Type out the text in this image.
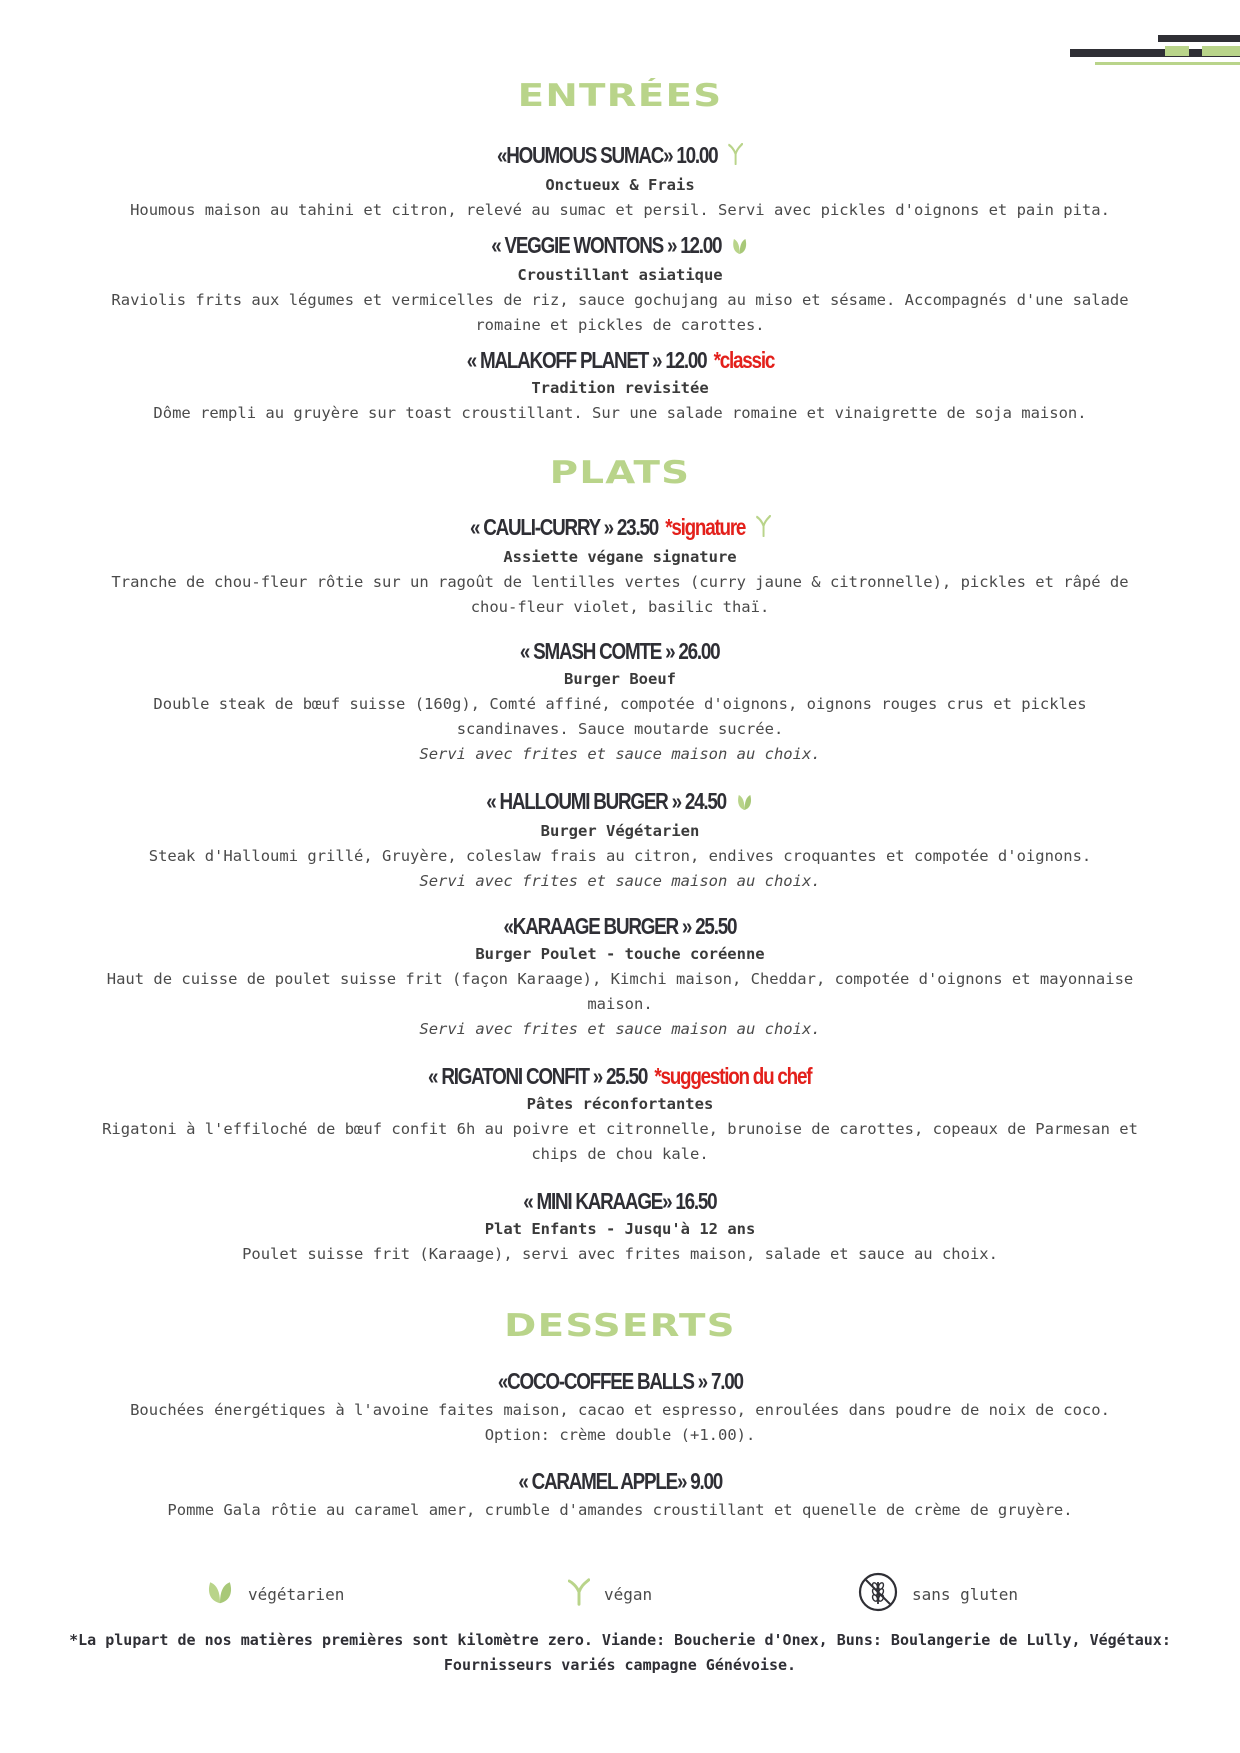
ENTRÉES
«HOUMOUS SUMAC» 10.00
Onctueux & Frais
Houmous maison au tahini et citron, relevé au sumac et persil. Servi avec pickles d'oignons et pain pita.
« VEGGIE WONTONS » 12.00
Croustillant asiatique
Raviolis frits aux légumes et vermicelles de riz, sauce gochujang au miso et sésame. Accompagnés d'une salade romaine et pickles de carottes.
« MALAKOFF PLANET » 12.00 *classic
Tradition revisitée
Dôme rempli au gruyère sur toast croustillant. Sur une salade romaine et vinaigrette de soja maison.
PLATS
« CAULI-CURRY » 23.50 *signature
Assiette végane signature
Tranche de chou-fleur rôtie sur un ragoût de lentilles vertes (curry jaune & citronnelle), pickles et râpé de chou-fleur violet, basilic thaï.
« SMASH COMTE » 26.00
Burger Boeuf
Double steak de bœuf suisse (160g), Comté affiné, compotée d'oignons, oignons rouges crus et pickles scandinaves. Sauce moutarde sucrée.
Servi avec frites et sauce maison au choix.
« HALLOUMI BURGER » 24.50
Burger Végétarien
Steak d'Halloumi grillé, Gruyère, coleslaw frais au citron, endives croquantes et compotée d'oignons.
Servi avec frites et sauce maison au choix.
«KARAAGE BURGER » 25.50
Burger Poulet - touche coréenne
Haut de cuisse de poulet suisse frit (façon Karaage), Kimchi maison, Cheddar, compotée d'oignons et mayonnaise maison.
Servi avec frites et sauce maison au choix.
« RIGATONI CONFIT » 25.50 *suggestion du chef
Pâtes réconfortantes
Rigatoni à l'effiloché de bœuf confit 6h au poivre et citronnelle, brunoise de carottes, copeaux de Parmesan et chips de chou kale.
« MINI KARAAGE» 16.50
Plat Enfants - Jusqu'à 12 ans
Poulet suisse frit (Karaage), servi avec frites maison, salade et sauce au choix.
DESSERTS
«COCO-COFFEE BALLS » 7.00
Bouchées énergétiques à l'avoine faites maison, cacao et espresso, enroulées dans poudre de noix de coco. Option: crème double (+1.00).
« CARAMEL APPLE» 9.00
Pomme Gala rôtie au caramel amer, crumble d'amandes croustillant et quenelle de crème de gruyère.
végétarien	végan	sans gluten
*La plupart de nos matières premières sont kilomètre zero. Viande: Boucherie d'Onex, Buns: Boulangerie de Lully, Végétaux: Fournisseurs variés campagne Génévoise.
